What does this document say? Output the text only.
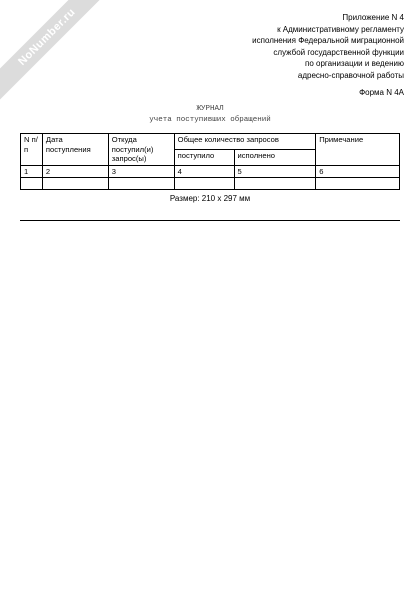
NoNumber.ru	Приложение N 4
к Административному регламенту
исполнения Федеральной миграционной
службой государственной функции
по организации и ведению
адресно-справочной работы
Форма N 4А
ЖУРНАЛ
учета поступивших обращений
N п/п	Дата поступления	Откуда поступил(и) запрос(ы)	Общее количество запросов		Примечание
			поступило	исполнено	
1	2	3	4	5	6

Размер: 210 x 297 мм
